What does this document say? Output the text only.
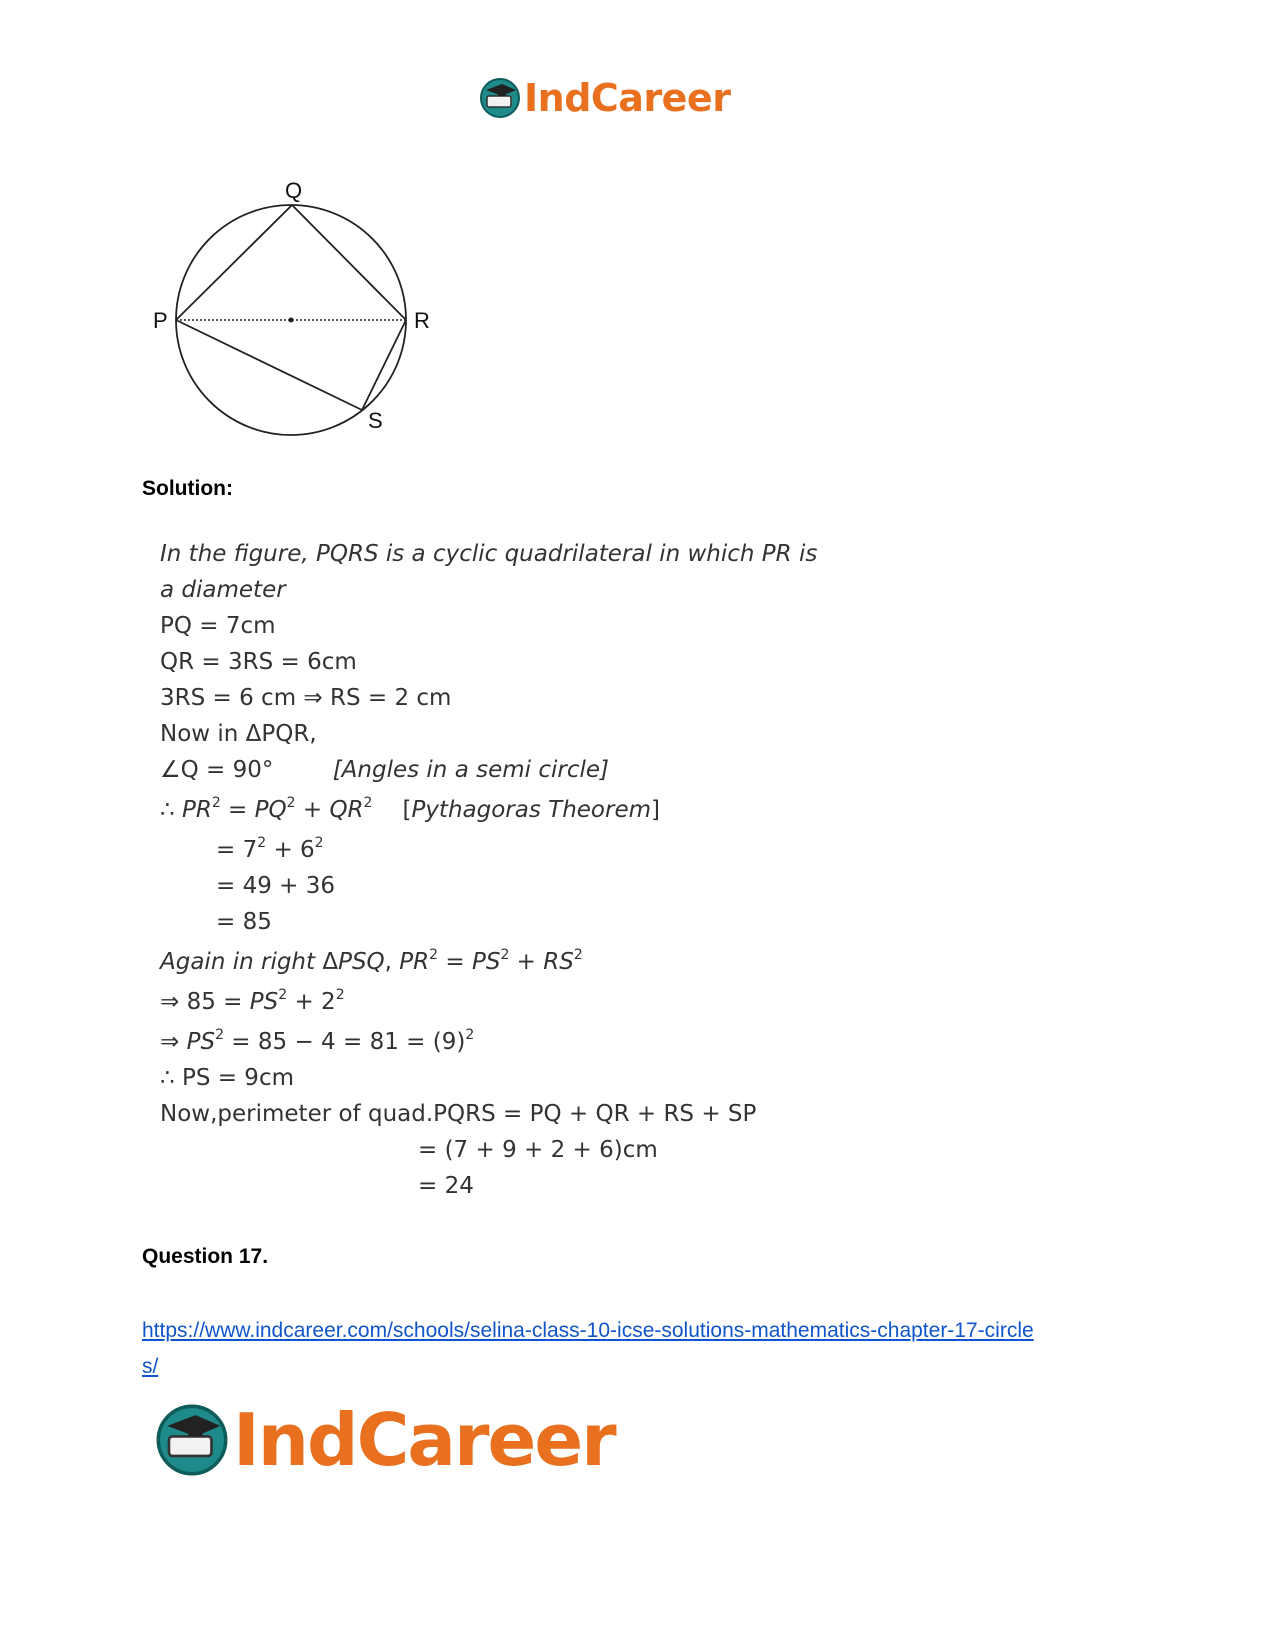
IndCareer
Q
P	R
S
Solution:
In the figure, PQRS is a cyclic quadrilateral in which PR is
a diameter
PQ = 7cm
QR = 3RS = 6cm
3RS = 6 cm ⇒ RS = 2 cm
Now in ΔPQR,
∠Q = 90°	[Angles in a semi circle]
∴ $PR^2 = PQ^2 + QR^2$ [Pythagoras Theorem]
= $7^2 + 6^2$
= 49 + 36
= 85
Again in right ΔPSQ, $PR^2 = PS^2 + RS^2$
⇒ $85 = PS^2 + 2^2$
⇒ $PS^2 = 85 - 4 = 81 = (9)^2$
∴ PS = 9cm
Now,perimeter of quad.PQRS = PQ + QR + RS + SP
= (7 + 9 + 2 + 6)cm
= 24
Question 17.
https://www.indcareer.com/schools/selina-class-10-icse-solutions-mathematics-chapter-17-circle
s/
IndCareer
